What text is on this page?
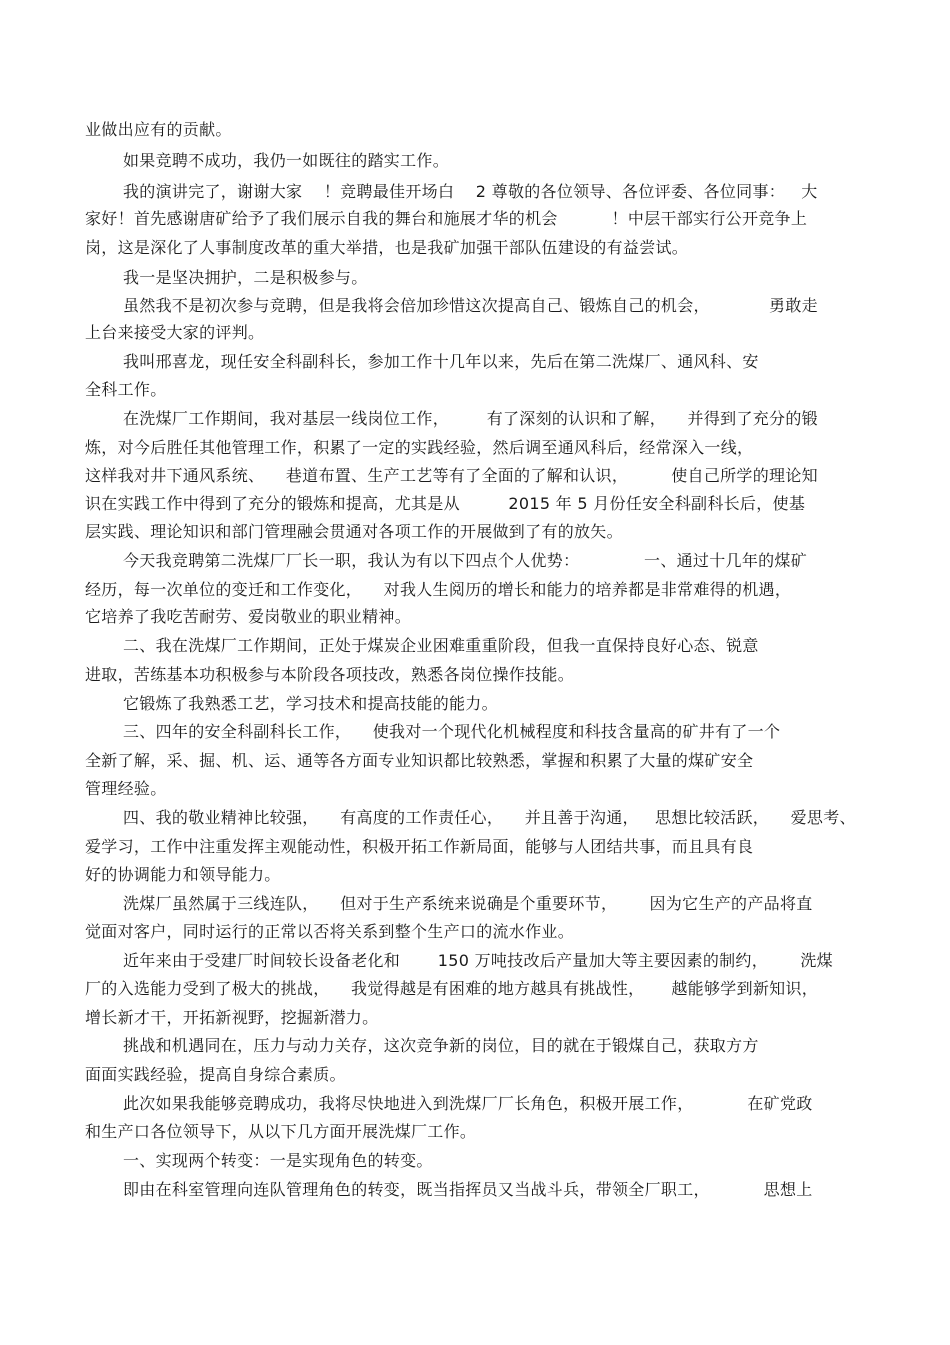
业做出应有的贡献。
如果竞聘不成功，我仍一如既往的踏实工作。
我的演讲完了，谢谢大家    ！竞聘最佳开场白    2 尊敬的各位领导、各位评委、各位同事：   大
家好！首先感谢唐矿给予了我们展示自我的舞台和施展才华的机会          ！中层干部实行公开竞争上
岗，这是深化了人事制度改革的重大举措，也是我矿加强干部队伍建设的有益尝试。
我一是坚决拥护，二是积极参与。
虽然我不是初次参与竞聘，但是我将会倍加珍惜这次提高自己、锻炼自己的机会，           勇敢走
上台来接受大家的评判。
我叫邢喜龙，现任安全科副科长，参加工作十几年以来，先后在第二洗煤厂、通风科、安
全科工作。
在洗煤厂工作期间，我对基层一线岗位工作，       有了深刻的认识和了解，    并得到了充分的锻
炼，对今后胜任其他管理工作，积累了一定的实践经验，然后调至通风科后，经常深入一线，
这样我对井下通风系统、    巷道布置、生产工艺等有了全面的了解和认识，        使自己所学的理论知
识在实践工作中得到了充分的锻炼和提高，尤其是从         2015 年 5 月份任安全科副科长后，使基
层实践、理论知识和部门管理融会贯通对各项工作的开展做到了有的放矢。
今天我竞聘第二洗煤厂厂长一职，我认为有以下四点个人优势：            一、通过十几年的煤矿
经历，每一次单位的变迁和工作变化，    对我人生阅历的增长和能力的培养都是非常难得的机遇，
它培养了我吃苦耐劳、爱岗敬业的职业精神。
二、我在洗煤厂工作期间，正处于煤炭企业困难重重阶段，但我一直保持良好心态、锐意
进取，苦练基本功积极参与本阶段各项技改，熟悉各岗位操作技能。
它锻炼了我熟悉工艺，学习技术和提高技能的能力。
三、四年的安全科副科长工作，    使我对一个现代化机械程度和科技含量高的矿井有了一个
全新了解，采、掘、机、运、通等各方面专业知识都比较熟悉，掌握和积累了大量的煤矿安全
管理经验。
四、我的敬业精神比较强，    有高度的工作责任心，    并且善于沟通，   思想比较活跃，    爱思考、
爱学习，工作中注重发挥主观能动性，积极开拓工作新局面，能够与人团结共事，而且具有良
好的协调能力和领导能力。
洗煤厂虽然属于三线连队，    但对于生产系统来说确是个重要环节，      因为它生产的产品将直
觉面对客户，同时运行的正常以否将关系到整个生产口的流水作业。
近年来由于受建厂时间较长设备老化和       150 万吨技改后产量加大等主要因素的制约，      洗煤
厂的入选能力受到了极大的挑战，    我觉得越是有困难的地方越具有挑战性，     越能够学到新知识，
增长新才干，开拓新视野，挖掘新潜力。
挑战和机遇同在，压力与动力关存，这次竞争新的岗位，目的就在于锻煤自己，获取方方
面面实践经验，提高自身综合素质。
此次如果我能够竞聘成功，我将尽快地进入到洗煤厂厂长角色，积极开展工作，          在矿党政
和生产口各位领导下，从以下几方面开展洗煤厂工作。
一、实现两个转变：一是实现角色的转变。
即由在科室管理向连队管理角色的转变，既当指挥员又当战斗兵，带领全厂职工，          思想上
